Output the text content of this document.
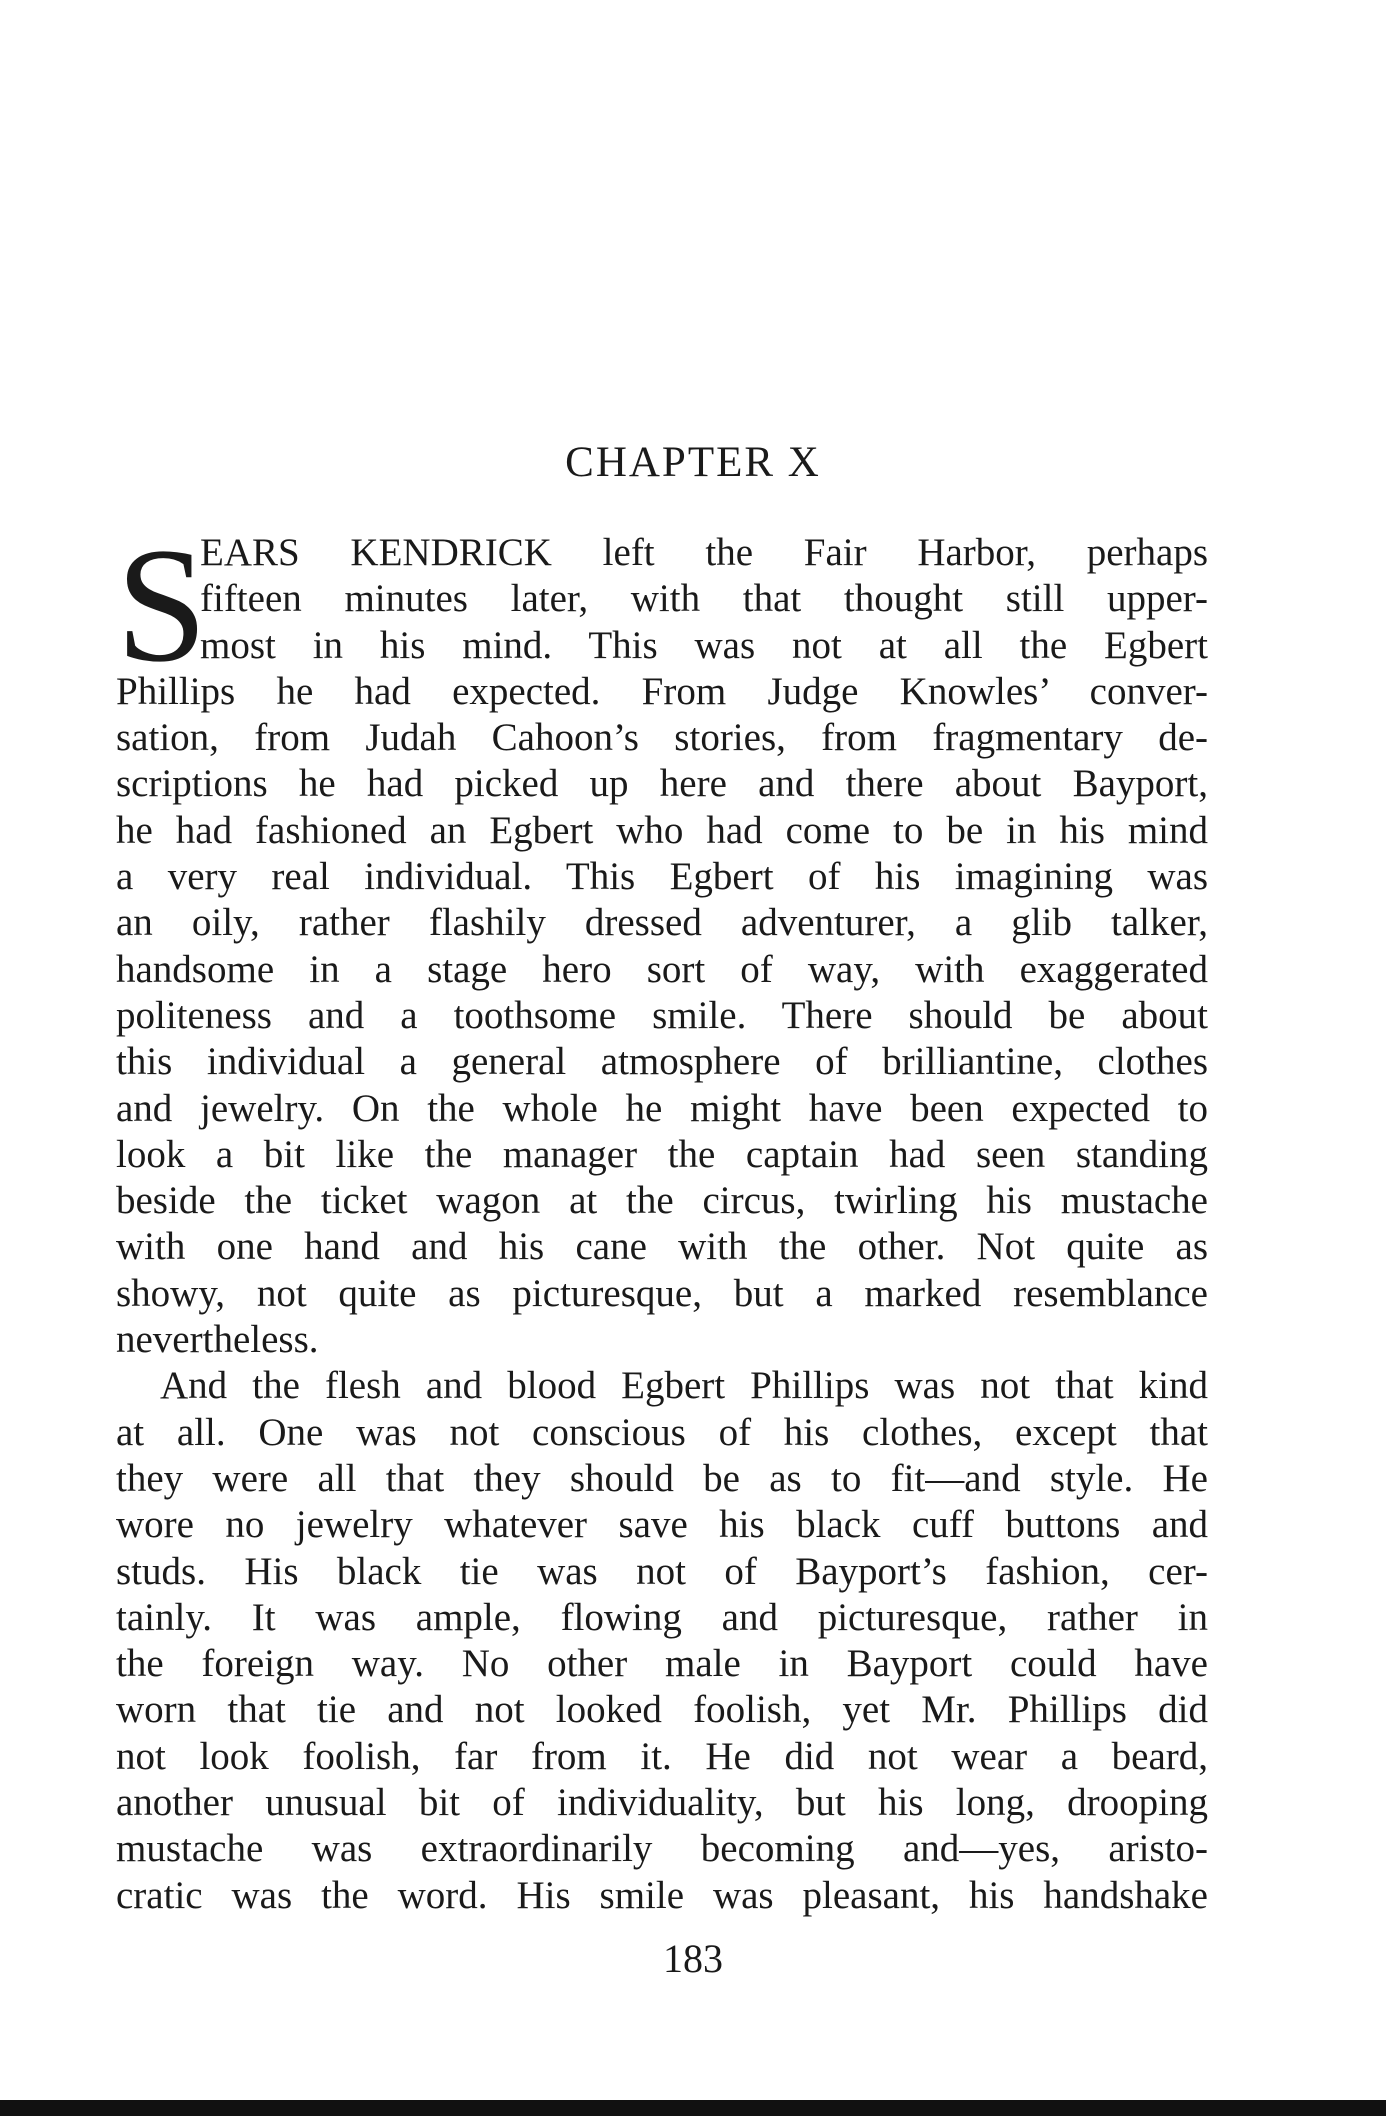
CHAPTER X
S
EARS KENDRICK left the Fair Harbor, perhaps
fifteen minutes later, with that thought still upper-
most in his mind. This was not at all the Egbert
Phillips he had expected. From Judge Knowles’ conver-
sation, from Judah Cahoon’s stories, from fragmentary de-
scriptions he had picked up here and there about Bayport,
he had fashioned an Egbert who had come to be in his mind
a very real individual. This Egbert of his imagining was
an oily, rather flashily dressed adventurer, a glib talker,
handsome in a stage hero sort of way, with exaggerated
politeness and a toothsome smile. There should be about
this individual a general atmosphere of brilliantine, clothes
and jewelry. On the whole he might have been expected to
look a bit like the manager the captain had seen standing
beside the ticket wagon at the circus, twirling his mustache
with one hand and his cane with the other. Not quite as
showy, not quite as picturesque, but a marked resemblance
nevertheless.
And the flesh and blood Egbert Phillips was not that kind
at all. One was not conscious of his clothes, except that
they were all that they should be as to fit—and style. He
wore no jewelry whatever save his black cuff buttons and
studs. His black tie was not of Bayport’s fashion, cer-
tainly. It was ample, flowing and picturesque, rather in
the foreign way. No other male in Bayport could have
worn that tie and not looked foolish, yet Mr. Phillips did
not look foolish, far from it. He did not wear a beard,
another unusual bit of individuality, but his long, drooping
mustache was extraordinarily becoming and—yes, aristo-
cratic was the word. His smile was pleasant, his handshake
183
